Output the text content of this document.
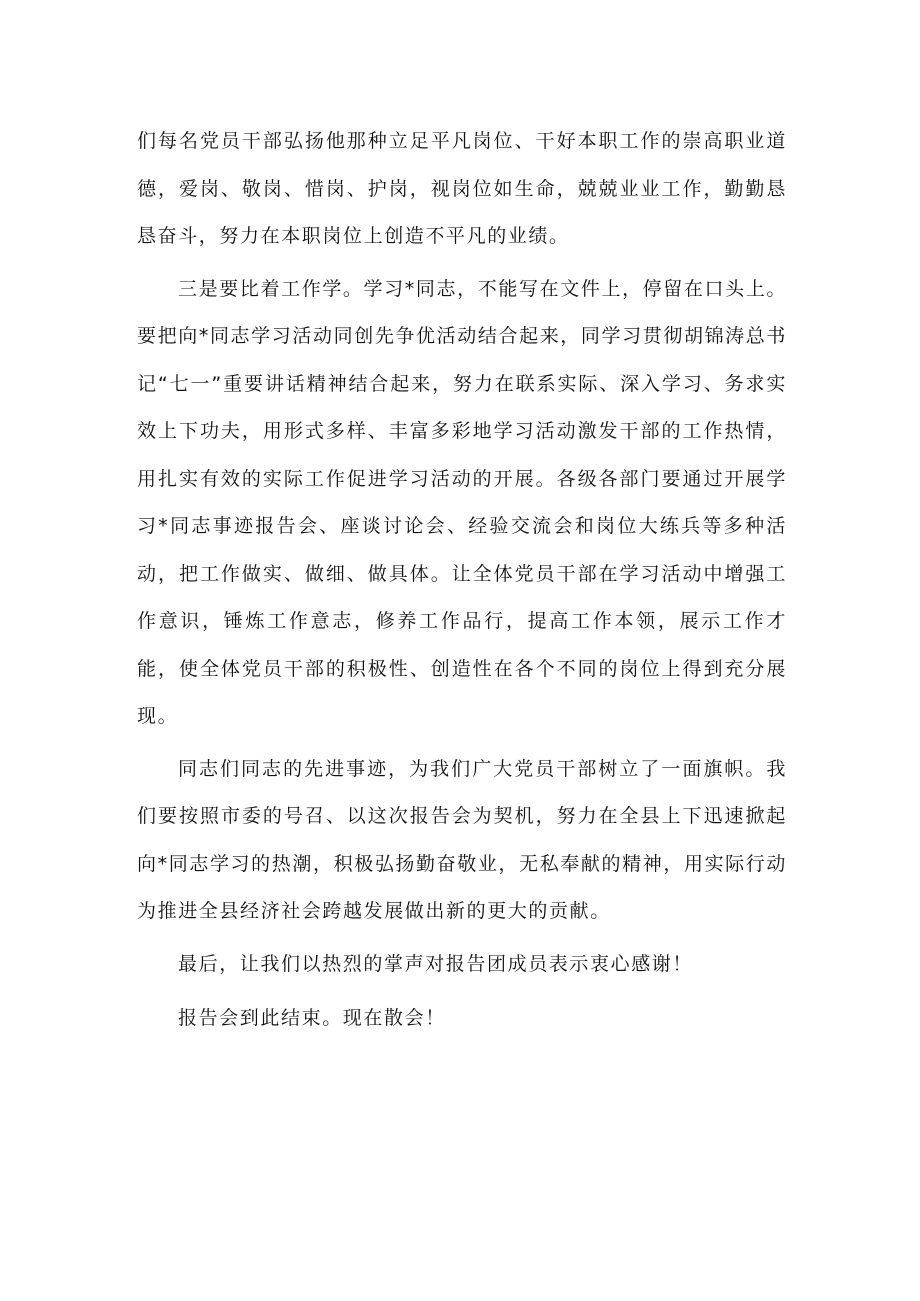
们每名党员干部弘扬他那种立足平凡岗位、干好本职工作的崇高职业道德，爱岗、敬岗、惜岗、护岗，视岗位如生命，兢兢业业工作，勤勤恳恳奋斗，努力在本职岗位上创造不平凡的业绩。

三是要比着工作学。学习*同志，不能写在文件上，停留在口头上。要把向*同志学习活动同创先争优活动结合起来，同学习贯彻胡锦涛总书记“七一”重要讲话精神结合起来，努力在联系实际、深入学习、务求实效上下功夫，用形式多样、丰富多彩地学习活动激发干部的工作热情，用扎实有效的实际工作促进学习活动的开展。各级各部门要通过开展学习*同志事迹报告会、座谈讨论会、经验交流会和岗位大练兵等多种活动，把工作做实、做细、做具体。让全体党员干部在学习活动中增强工作意识，锤炼工作意志，修养工作品行，提高工作本领，展示工作才能，使全体党员干部的积极性、创造性在各个不同的岗位上得到充分展现。

同志们同志的先进事迹，为我们广大党员干部树立了一面旗帜。我们要按照市委的号召、以这次报告会为契机，努力在全县上下迅速掀起向*同志学习的热潮，积极弘扬勤奋敬业，无私奉献的精神，用实际行动为推进全县经济社会跨越发展做出新的更大的贡献。

最后，让我们以热烈的掌声对报告团成员表示衷心感谢！

报告会到此结束。现在散会！
